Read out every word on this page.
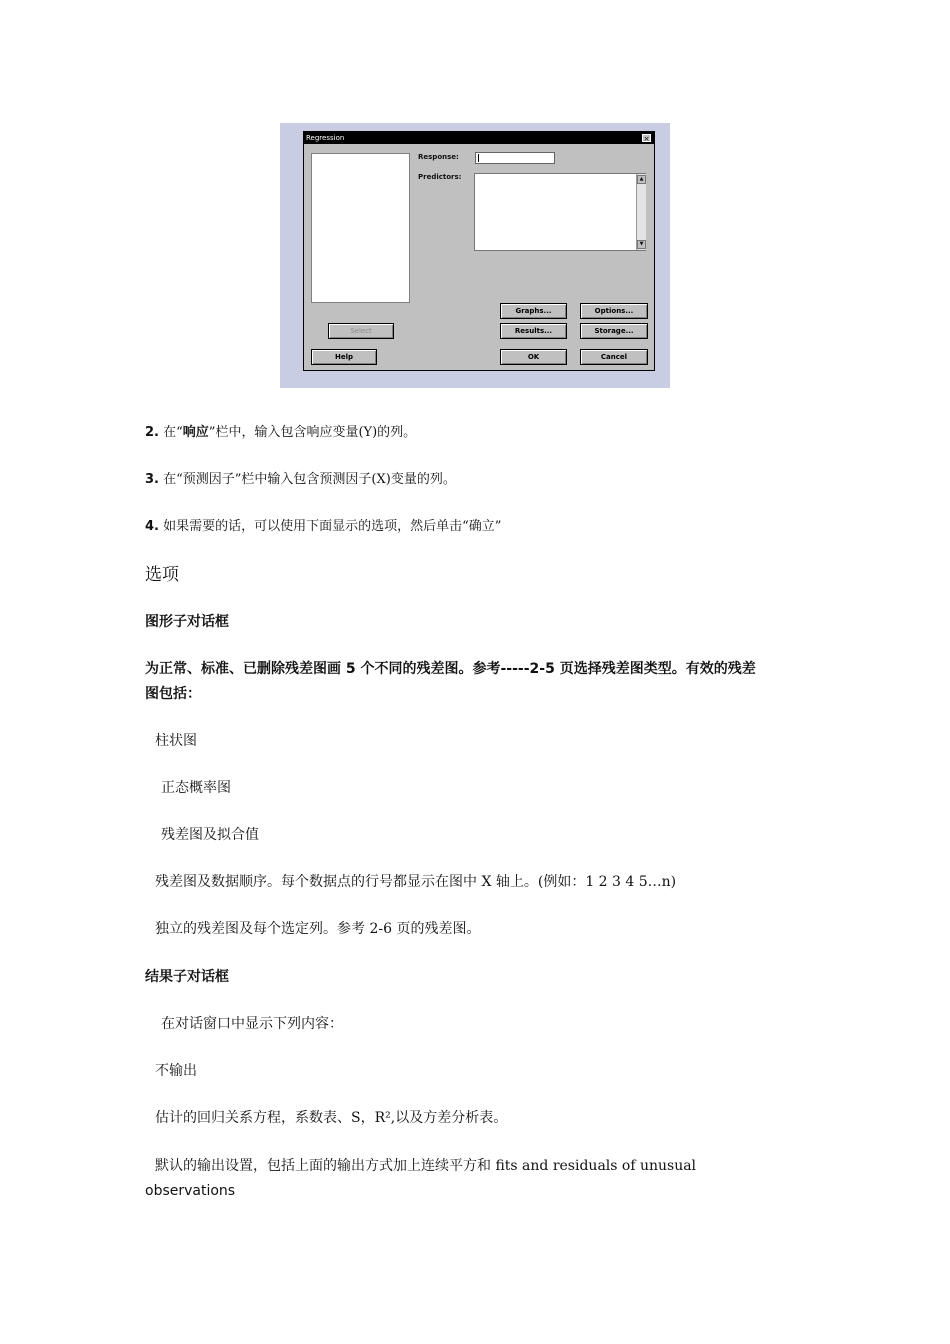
Regression	×
Response:
Predictors:	▲
▼
Graphs...	Options...
Select	Results...	Storage...
Help	OK	Cancel
2. 在“响应”栏中，输入包含响应变量(Y)的列。
3. 在“预测因子”栏中输入包含预测因子(X)变量的列。
4. 如果需要的话，可以使用下面显示的选项，然后单击“确立”
选项
图形子对话框
为正常、标准、已删除残差图画 5 个不同的残差图。参考-----2-5 页选择残差图类型。有效的残差
图包括：
柱状图
正态概率图
残差图及拟合值
残差图及数据顺序。每个数据点的行号都显示在图中 X 轴上。(例如：1 2 3 4 5…n)
独立的残差图及每个选定列。参考 2-6 页的残差图。
结果子对话框
在对话窗口中显示下列内容：
不输出
估计的回归关系方程，系数表、S，R²,以及方差分析表。
默认的输出设置，包括上面的输出方式加上连续平方和 fits and residuals of unusual
observations
